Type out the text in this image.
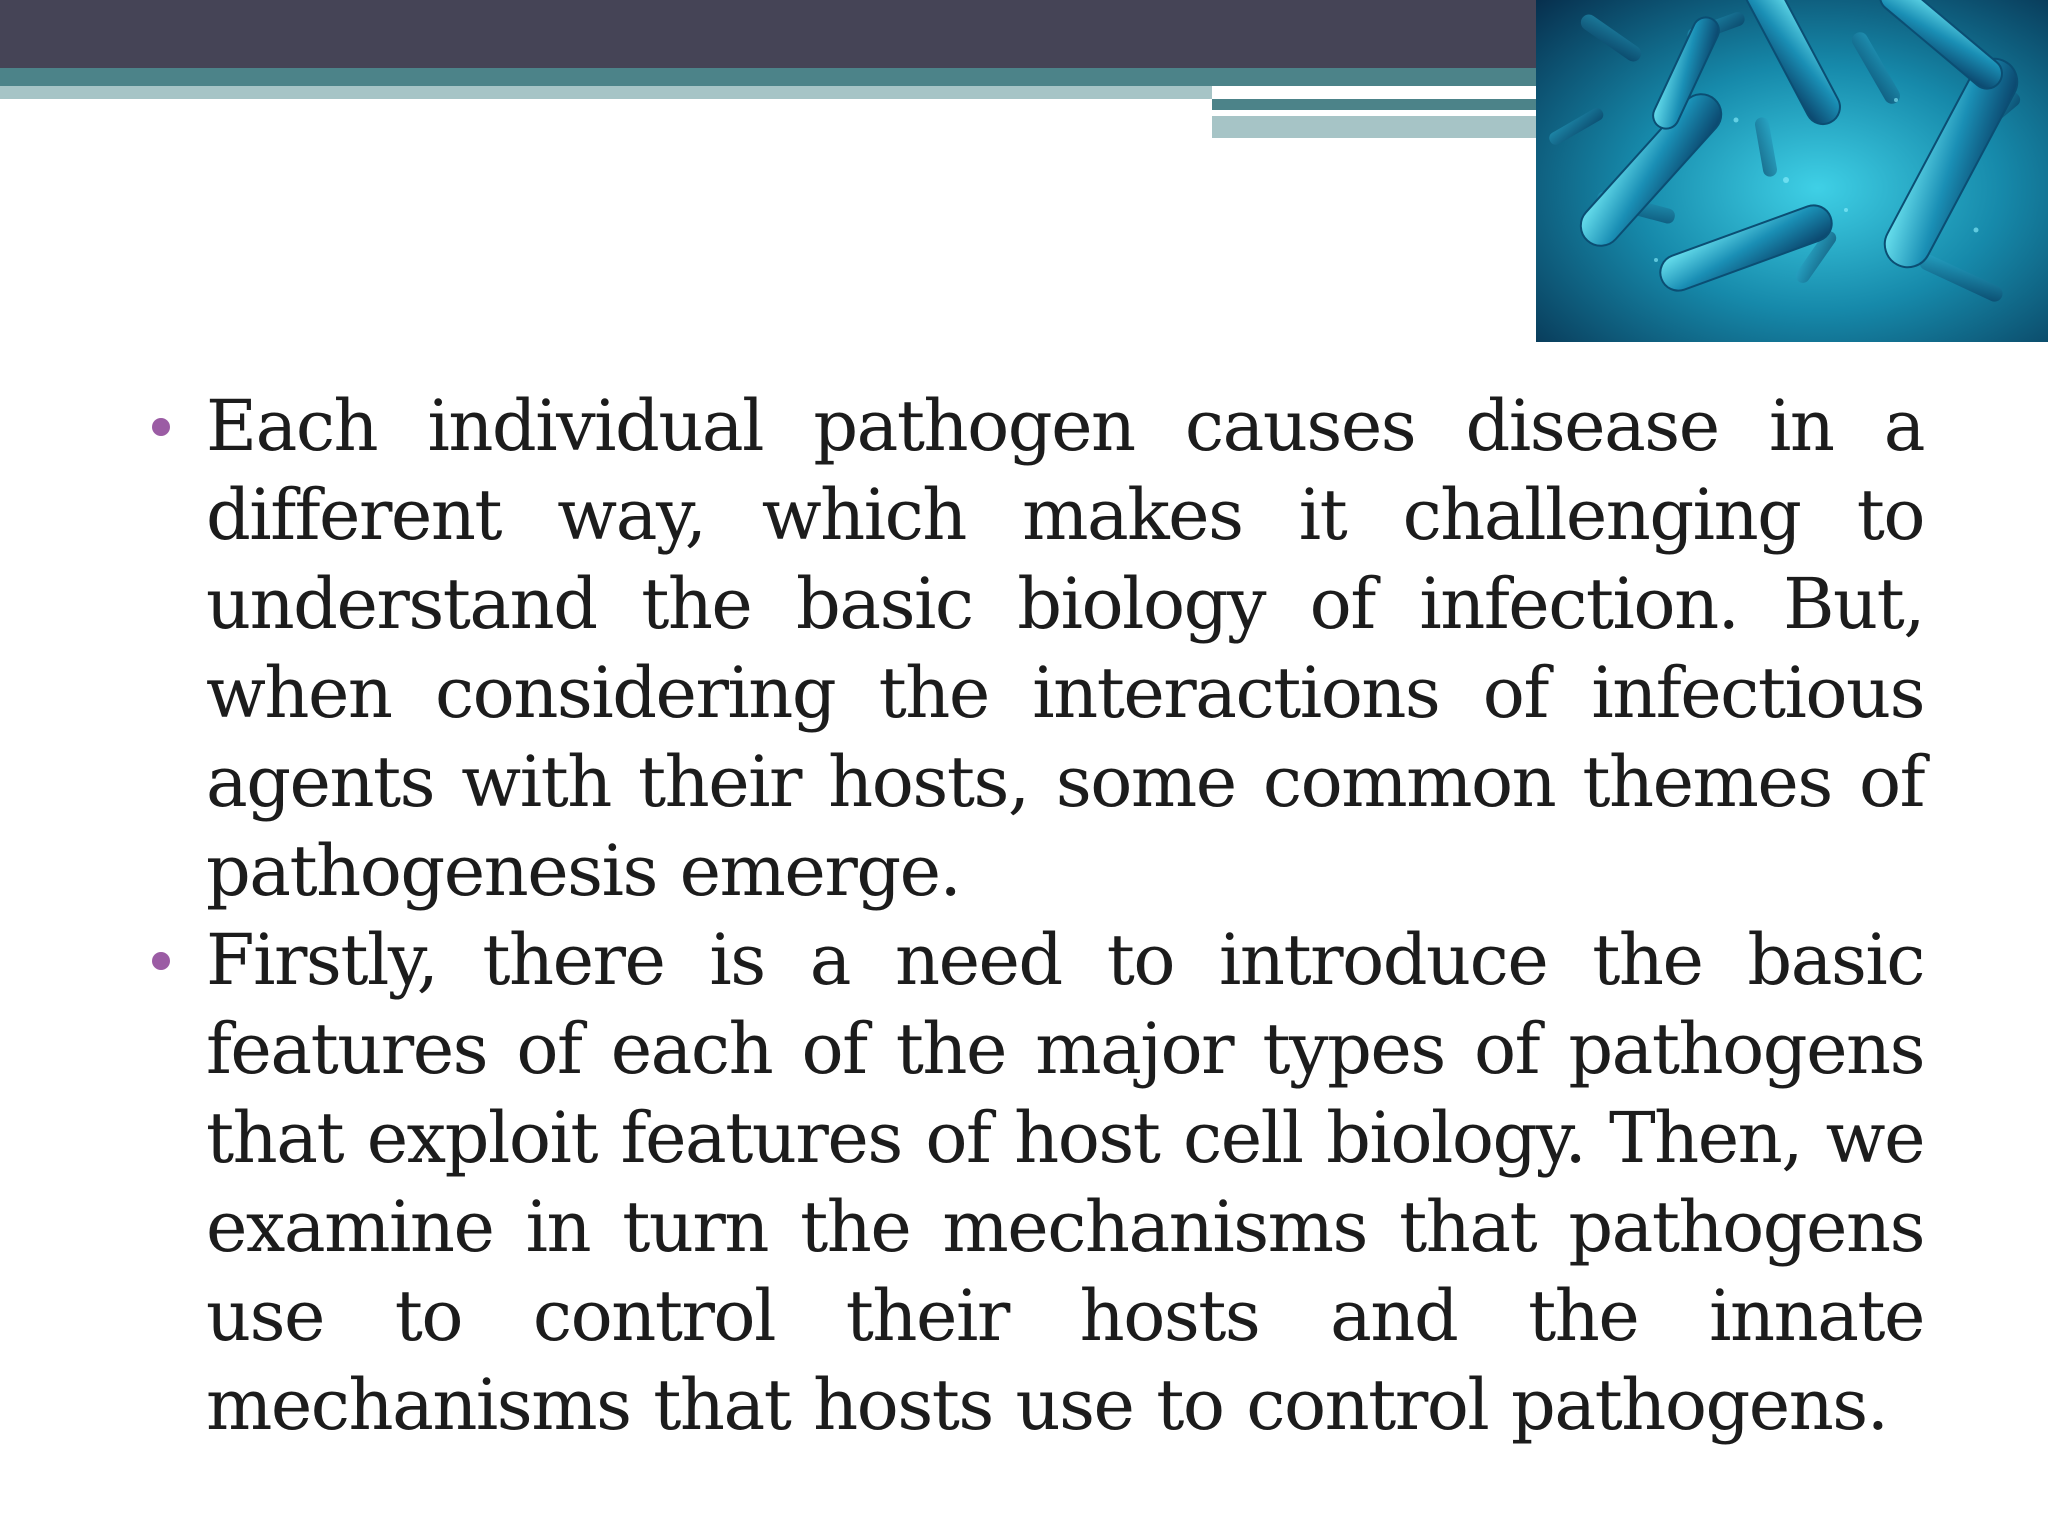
Each individual pathogen causes disease in a different way, which makes it challenging to understand the basic biology of infection. But, when considering the interactions of infectious agents with their hosts, some common themes of pathogenesis emerge.
Firstly, there is a need to introduce the basic features of each of the major types of pathogens that exploit features of host cell biology. Then, we examine in turn the mechanisms that pathogens use to control their hosts and the innate mechanisms that hosts use to control pathogens.
